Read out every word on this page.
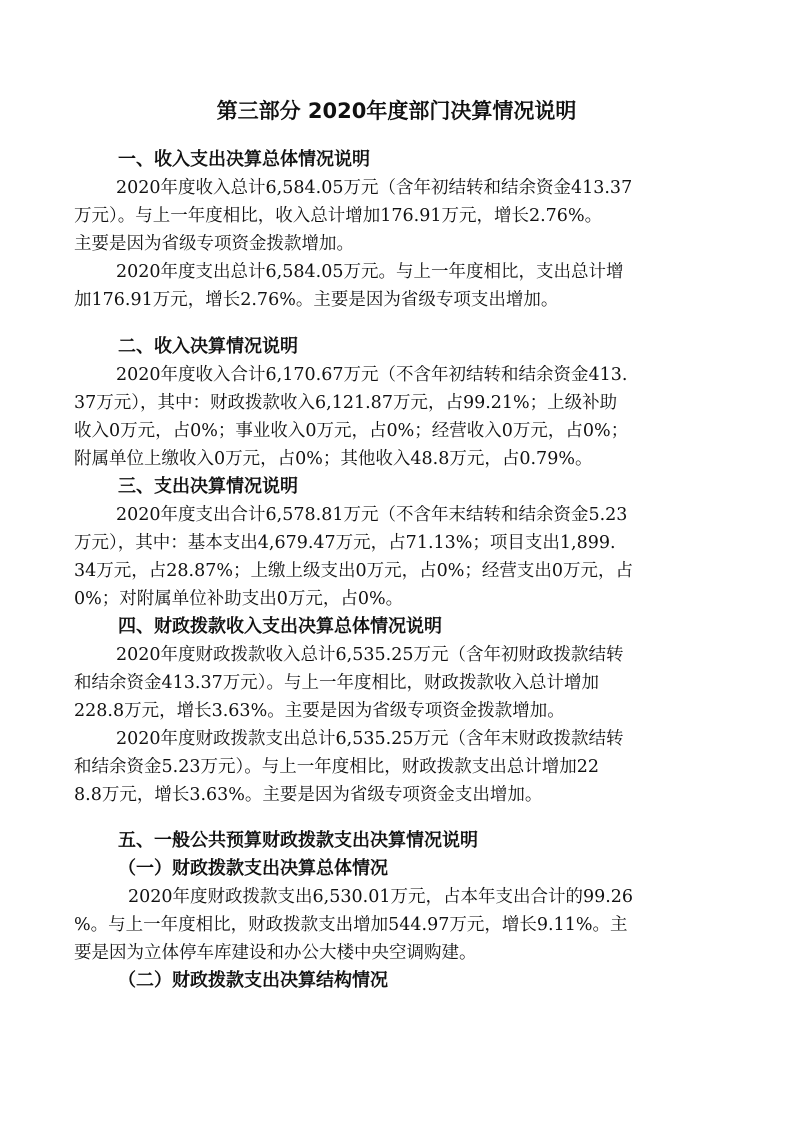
第三部分 2020年度部门决算情况说明
一、收入支出决算总体情况说明
2020年度收入总计6,584.05万元（含年初结转和结余资金413.37
万元）。与上一年度相比，收入总计增加176.91万元，增长2.76%。
主要是因为省级专项资金拨款增加。
2020年度支出总计6,584.05万元。与上一年度相比，支出总计增
加176.91万元，增长2.76%。主要是因为省级专项支出增加。
二、收入决算情况说明
2020年度收入合计6,170.67万元（不含年初结转和结余资金413.
37万元），其中：财政拨款收入6,121.87万元，占99.21%；上级补助
收入0万元，占0%；事业收入0万元，占0%；经营收入0万元，占0%；
附属单位上缴收入0万元，占0%；其他收入48.8万元，占0.79%。
三、支出决算情况说明
2020年度支出合计6,578.81万元（不含年末结转和结余资金5.23
万元），其中：基本支出4,679.47万元，占71.13%；项目支出1,899.
34万元，占28.87%；上缴上级支出0万元，占0%；经营支出0万元，占
0%；对附属单位补助支出0万元，占0%。
四、财政拨款收入支出决算总体情况说明
2020年度财政拨款收入总计6,535.25万元（含年初财政拨款结转
和结余资金413.37万元）。与上一年度相比，财政拨款收入总计增加
228.8万元，增长3.63%。主要是因为省级专项资金拨款增加。
2020年度财政拨款支出总计6,535.25万元（含年末财政拨款结转
和结余资金5.23万元）。与上一年度相比，财政拨款支出总计增加22
8.8万元，增长3.63%。主要是因为省级专项资金支出增加。
五、一般公共预算财政拨款支出决算情况说明
（一）财政拨款支出决算总体情况
2020年度财政拨款支出6,530.01万元，占本年支出合计的99.26
%。与上一年度相比，财政拨款支出增加544.97万元，增长9.11%。主
要是因为立体停车库建设和办公大楼中央空调购建。
（二）财政拨款支出决算结构情况
